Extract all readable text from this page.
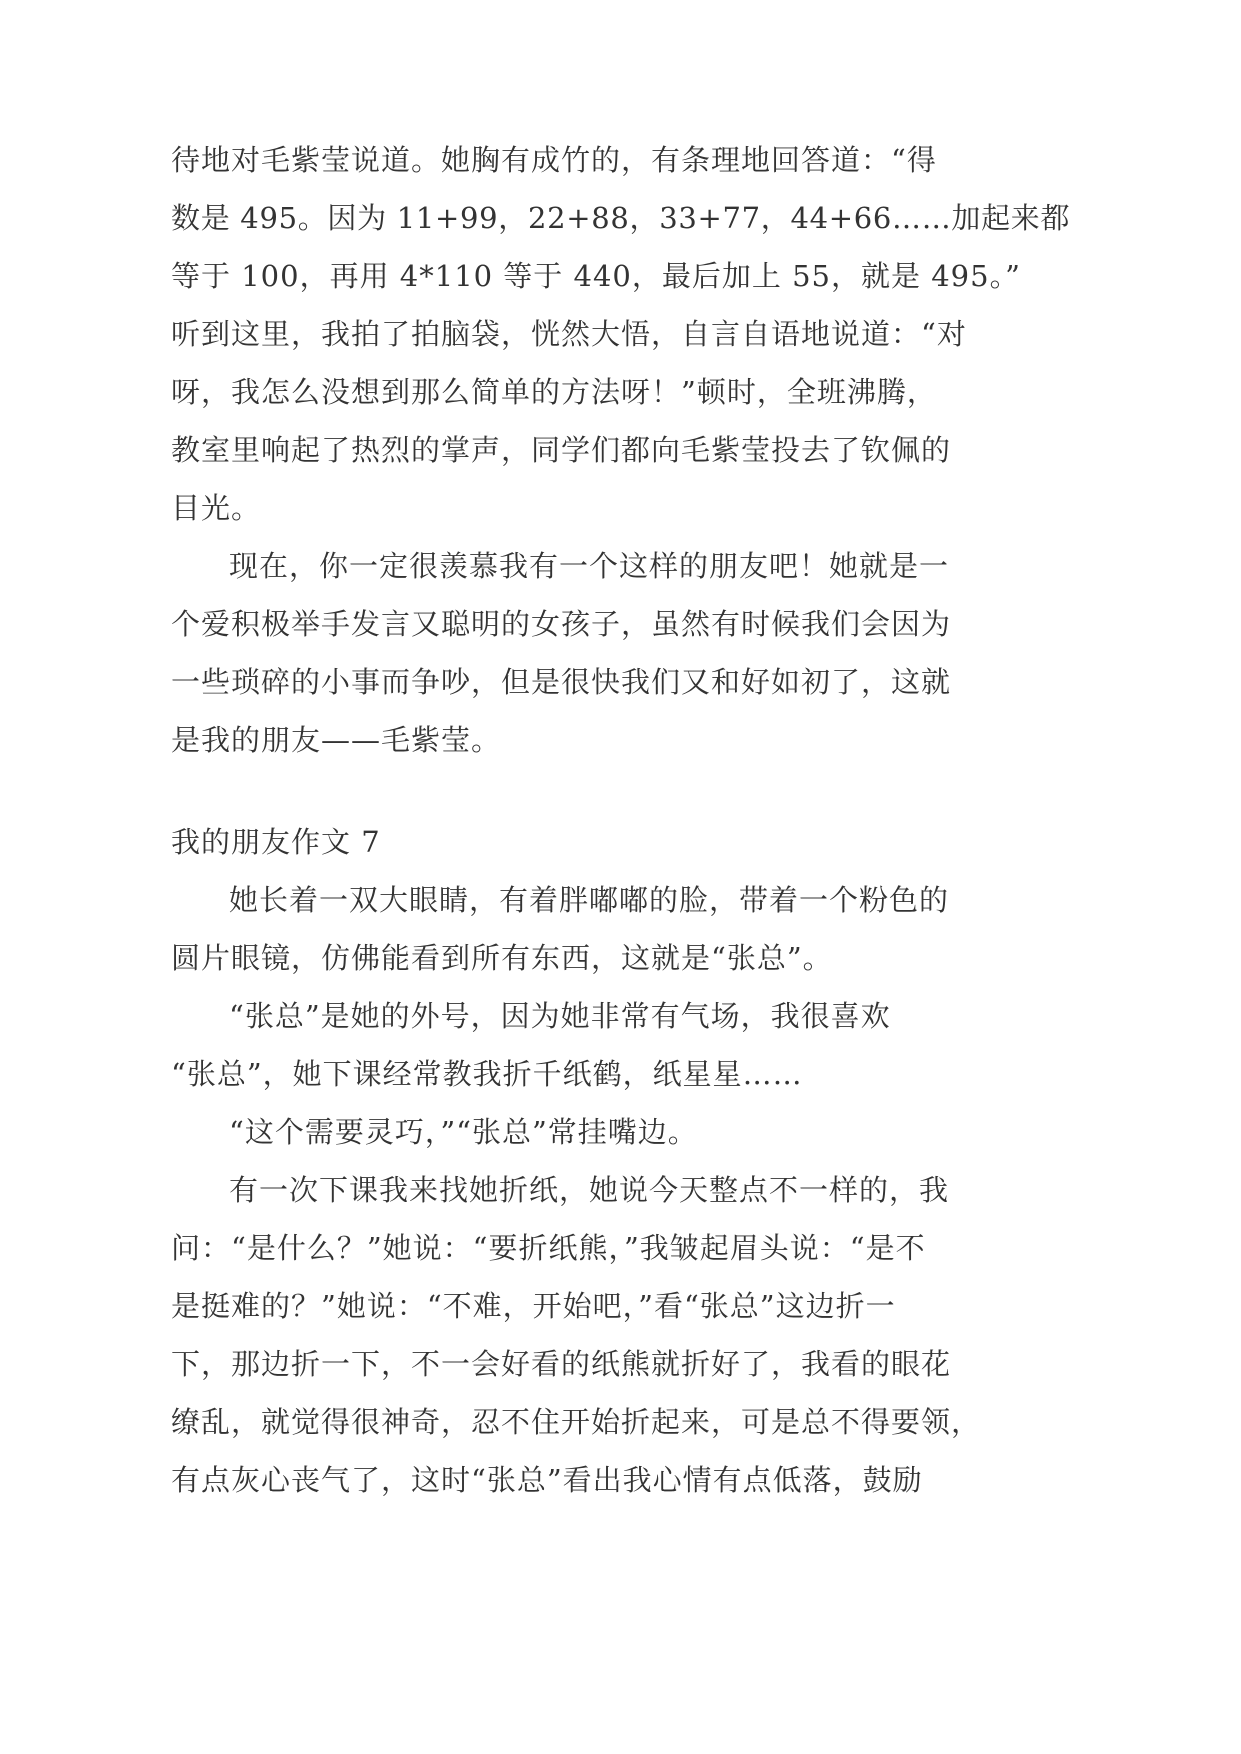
待地对毛紫莹说道。她胸有成竹的，有条理地回答道：“得
数是 495。因为 11+99，22+88，33+77，44+66……加起来都
等于 100，再用 4*110 等于 440，最后加上 55，就是 495。”
听到这里，我拍了拍脑袋，恍然大悟，自言自语地说道：“对
呀，我怎么没想到那么简单的方法呀！”顿时，全班沸腾，
教室里响起了热烈的掌声，同学们都向毛紫莹投去了钦佩的
目光。
现在，你一定很羡慕我有一个这样的朋友吧！她就是一
个爱积极举手发言又聪明的女孩子，虽然有时候我们会因为
一些琐碎的小事而争吵，但是很快我们又和好如初了，这就
是我的朋友——毛紫莹。
我的朋友作文 7
她长着一双大眼睛，有着胖嘟嘟的脸，带着一个粉色的
圆片眼镜，仿佛能看到所有东西，这就是“张总”。
“张总”是她的外号，因为她非常有气场，我很喜欢
“张总”，她下课经常教我折千纸鹤，纸星星……
“这个需要灵巧，”“张总”常挂嘴边。
有一次下课我来找她折纸，她说今天整点不一样的，我
问：“是什么？”她说：“要折纸熊，”我皱起眉头说：“是不
是挺难的？”她说：“不难，开始吧，”看“张总”这边折一
下，那边折一下，不一会好看的纸熊就折好了，我看的眼花
缭乱，就觉得很神奇，忍不住开始折起来，可是总不得要领，
有点灰心丧气了，这时“张总”看出我心情有点低落，鼓励
